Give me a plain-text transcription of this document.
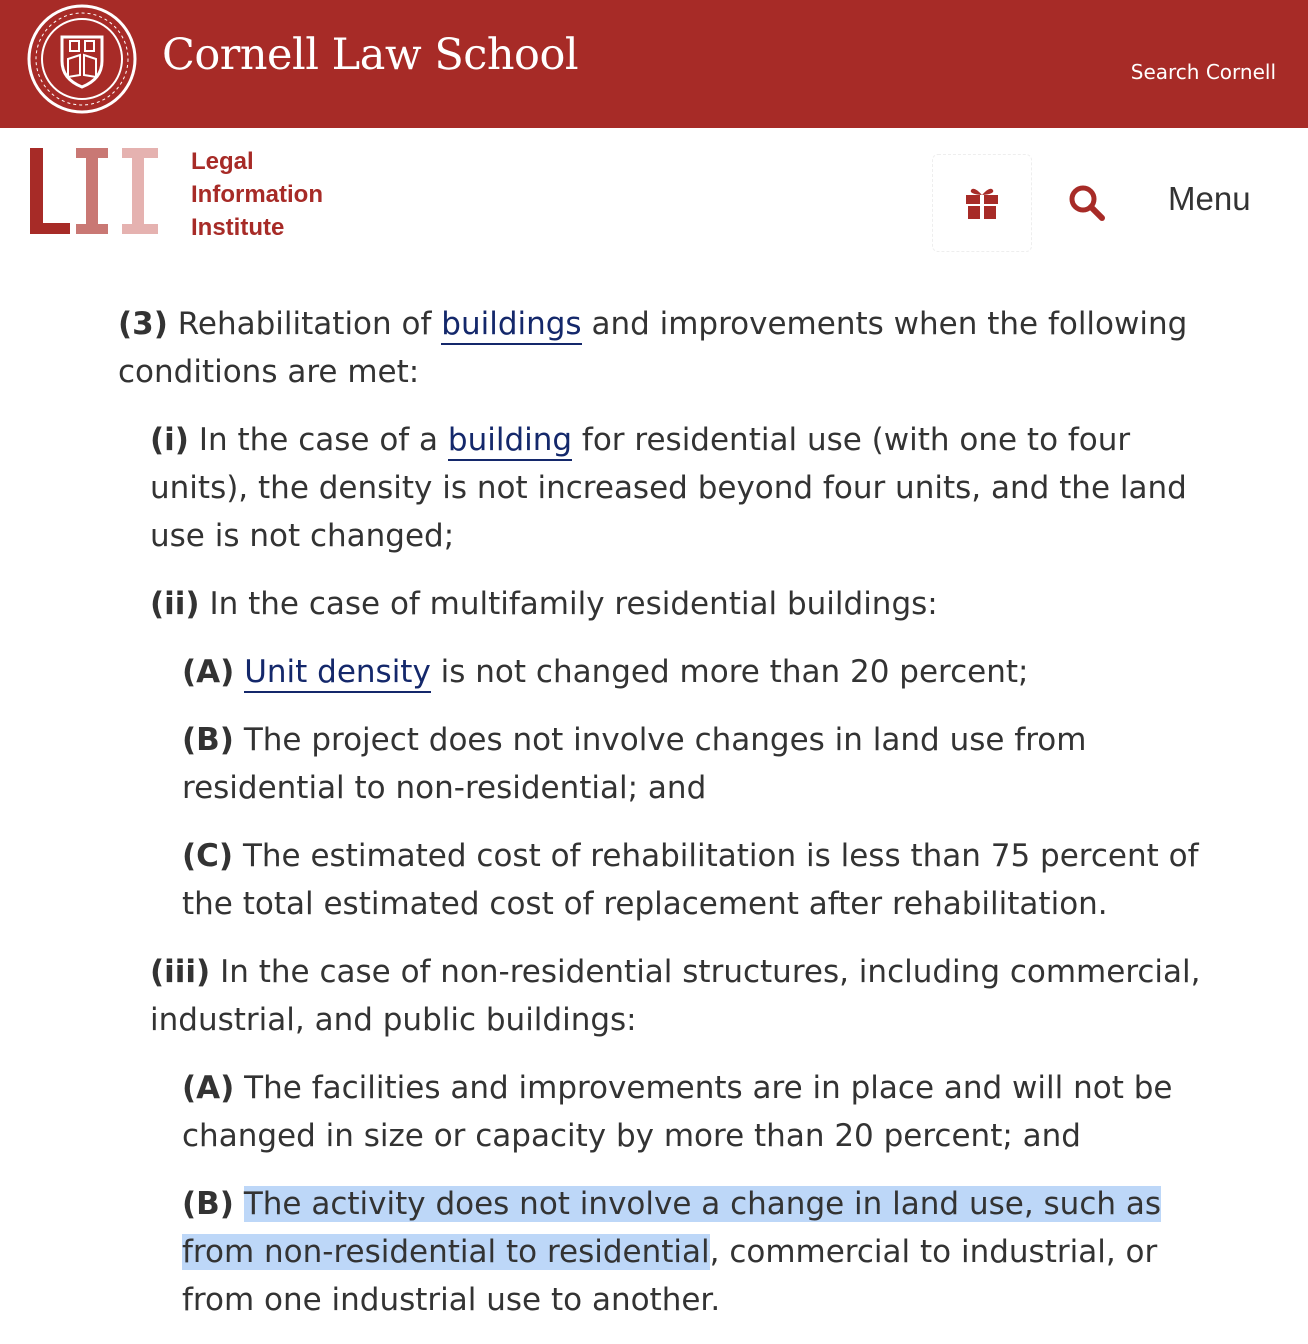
Cornell Law School	Search Cornell
Legal
Information
Institute
Menu

(3) Rehabilitation of buildings and improvements when the following conditions are met:

(i) In the case of a building for residential use (with one to four units), the density is not increased beyond four units, and the land use is not changed;

(ii) In the case of multifamily residential buildings:

(A) Unit density is not changed more than 20 percent;

(B) The project does not involve changes in land use from residential to non-residential; and

(C) The estimated cost of rehabilitation is less than 75 percent of the total estimated cost of replacement after rehabilitation.

(iii) In the case of non-residential structures, including commercial, industrial, and public buildings:

(A) The facilities and improvements are in place and will not be changed in size or capacity by more than 20 percent; and

(B) The activity does not involve a change in land use, such as from non-residential to residential, commercial to industrial, or from one industrial use to another.
